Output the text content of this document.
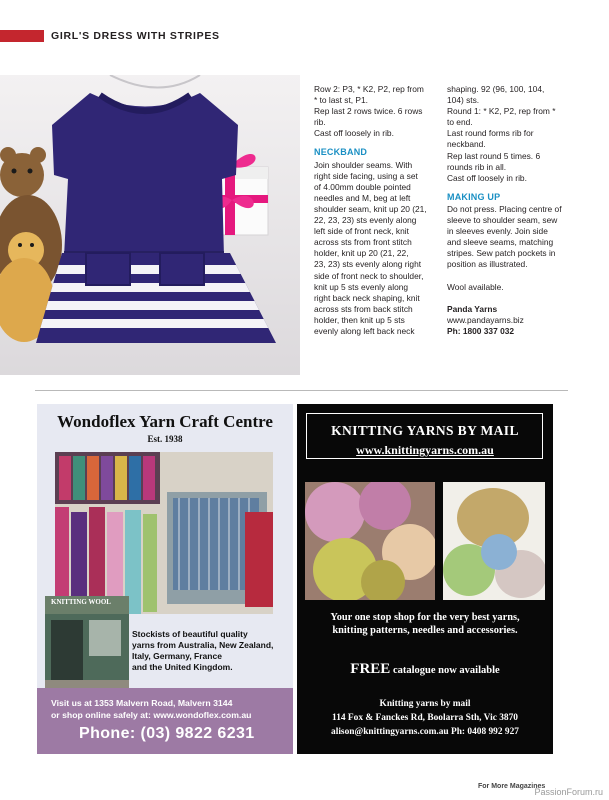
GIRL'S DRESS WITH STRIPES

Row 2: P3, * K2, P2, rep from

* to last st, P1.

Rep last 2 rows twice. 6 rows

rib.

Cast off loosely in rib.

NECKBAND

Join shoulder seams. With

right side facing, using a set

of 4.00mm double pointed

needles and M, beg at left

shoulder seam, knit up 20 (21,

22, 23, 23) sts evenly along

left side of front neck, knit

across sts from front stitch

holder, knit up 20 (21, 22,

23, 23) sts evenly along right

side of front neck to shoulder,

knit up 5 sts evenly along

right back neck shaping, knit

across sts from back stitch

holder, then knit up 5 sts

evenly along left back neck

shaping. 92 (96, 100, 104,

104) sts.

Round 1: * K2, P2, rep from *

to end.

Last round forms rib for

neckband.

Rep last round 5 times. 6

rounds rib in all.

Cast off loosely in rib.

MAKING UP

Do not press. Placing centre of

sleeve to shoulder seam, sew

in sleeves evenly. Join side

and sleeve seams, matching

stripes. Sew patch pockets in

position as illustrated.

Wool available.

Panda Yarns

www.pandayarns.biz

Ph: 1800 337 032

Wondoflex Yarn Craft Centre
Est. 1938
KNITTING WOOL
Stockists of beautiful quality
yarns from Australia, New Zealand,
Italy, Germany, France
and the United Kingdom.
Visit us at 1353 Malvern Road, Malvern 3144
or shop online safely at: www.wondoflex.com.au
Phone: (03) 9822 6231
KNITTING YARNS BY MAIL
www.knittingyarns.com.au
Your one stop shop for the very best yarns,
knitting patterns, needles and accessories.
FREE catalogue now available
Knitting yarns by mail
114 Fox & Fanckes Rd, Boolarra Sth, Vic 3870
alison@knittingyarns.com.au Ph: 0408 992 927
For More Magazines
PassionForum.ru
